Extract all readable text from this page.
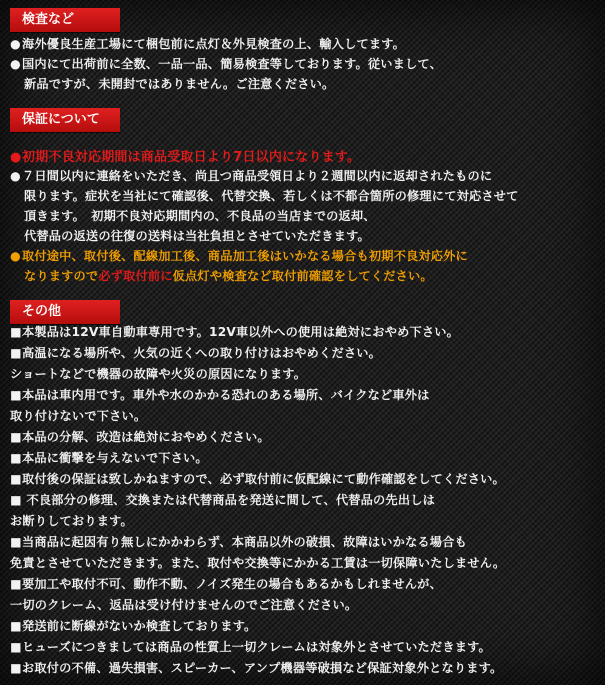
検査など
●海外優良生産工場にて梱包前に点灯＆外見検査の上、輸入してます。
●国内にて出荷前に全数、一品一品、簡易検査等しております。従いまして、
新品ですが、未開封ではありません。ご注意ください。
保証について
●初期不良対応期間は商品受取日より7日以内になります。
●７日間以内に連絡をいただき、尚且つ商品受領日より２週間以内に返却されたものに
限ります。症状を当社にて確認後、代替交換、若しくは不都合箇所の修理にて対応させて
頂きます。　初期不良対応期間内の、不良品の当店までの返却、
代替品の返送の往復の送料は当社負担とさせていただきます。
●取付途中、取付後、配線加工後、商品加工後はいかなる場合も初期不良対応外に
なりますので必ず取付前に仮点灯や検査など取付前確認をしてください。
その他
■本製品は12V車自動車専用です。12V車以外への使用は絶対におやめ下さい。
■高温になる場所や、火気の近くへの取り付けはおやめください。
ショートなどで機器の故障や火災の原因になります。
■本品は車内用です。車外や水のかかる恐れのある場所、バイクなど車外は
取り付けないで下さい。
■本品の分解、改造は絶対におやめください。
■本品に衝撃を与えないで下さい。
■取付後の保証は致しかねますので、必ず取付前に仮配線にて動作確認をしてください。
■ 不良部分の修理、交換または代替商品を発送に間して、代替品の先出しは
お断りしております。
■当商品に起因有り無しにかかわらず、本商品以外の破損、故障はいかなる場合も
免責とさせていただきます。また、取付や交換等にかかる工賃は一切保障いたしません。
■要加工や取付不可、動作不動、ノイズ発生の場合もあるかもしれませんが、
一切のクレーム、返品は受け付けませんのでご注意ください。
■発送前に断線がないか検査しております。
■ヒューズにつきましては商品の性質上一切クレームは対象外とさせていただきます。
■お取付の不備、過失損害、スピーカー、アンプ機器等破損など保証対象外となります。
